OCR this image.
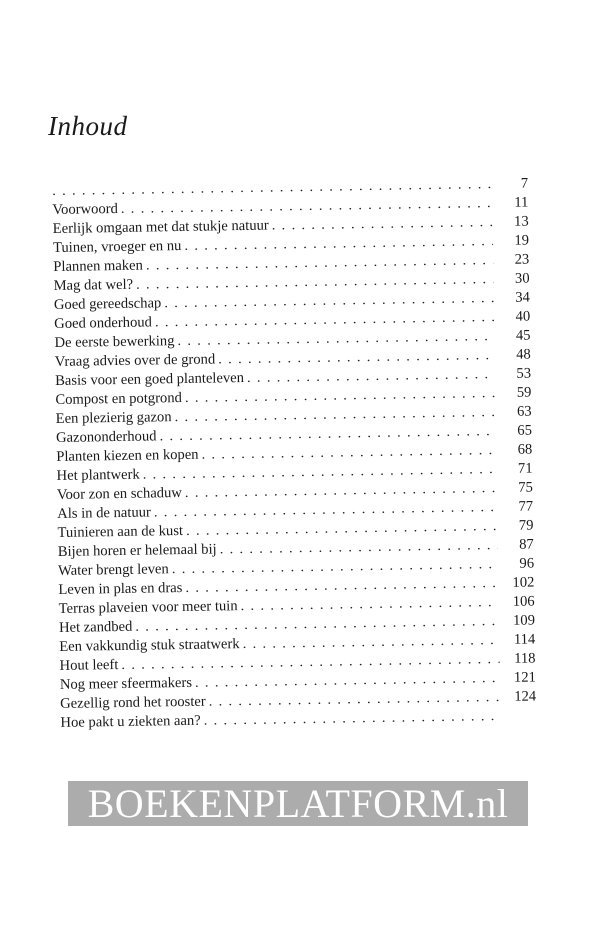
Inhoud
. . .
Voorwoord . . .
Eerlijk omgaan met dat stukje natuur . . .
Tuinen, vroeger en nu . . .
Plannen maken . . .
Mag dat wel? . . .
Goed gereedschap . . .
Goed onderhoud . . .
De eerste bewerking . . .
Vraag advies over de grond . . .
Basis voor een goed planteleven . . .
Compost en potgrond . . .
Een plezierig gazon . . .
Gazononderhoud . . .
Planten kiezen en kopen . . .
Het plantwerk . . .
Voor zon en schaduw . . .
Als in de natuur . . .
Tuinieren aan de kust . . .
Bijen horen er helemaal bij . . .
Water brengt leven . . .
Leven in plas en dras . . .
Terras plaveien voor meer tuin . . .
Het zandbed . . .
Een vakkundig stuk straatwerk . . .
Hout leeft . . .
Nog meer sfeermakers . . .
Gezellig rond het rooster . . .
Hoe pakt u ziekten aan? . . .
7
11
13
19
23
30
34
40
45
48
53
59
63
65
68
71
75
77
79
87
96
102
106
109
114
118
121
124
BOEKENPLATFORM.nl
